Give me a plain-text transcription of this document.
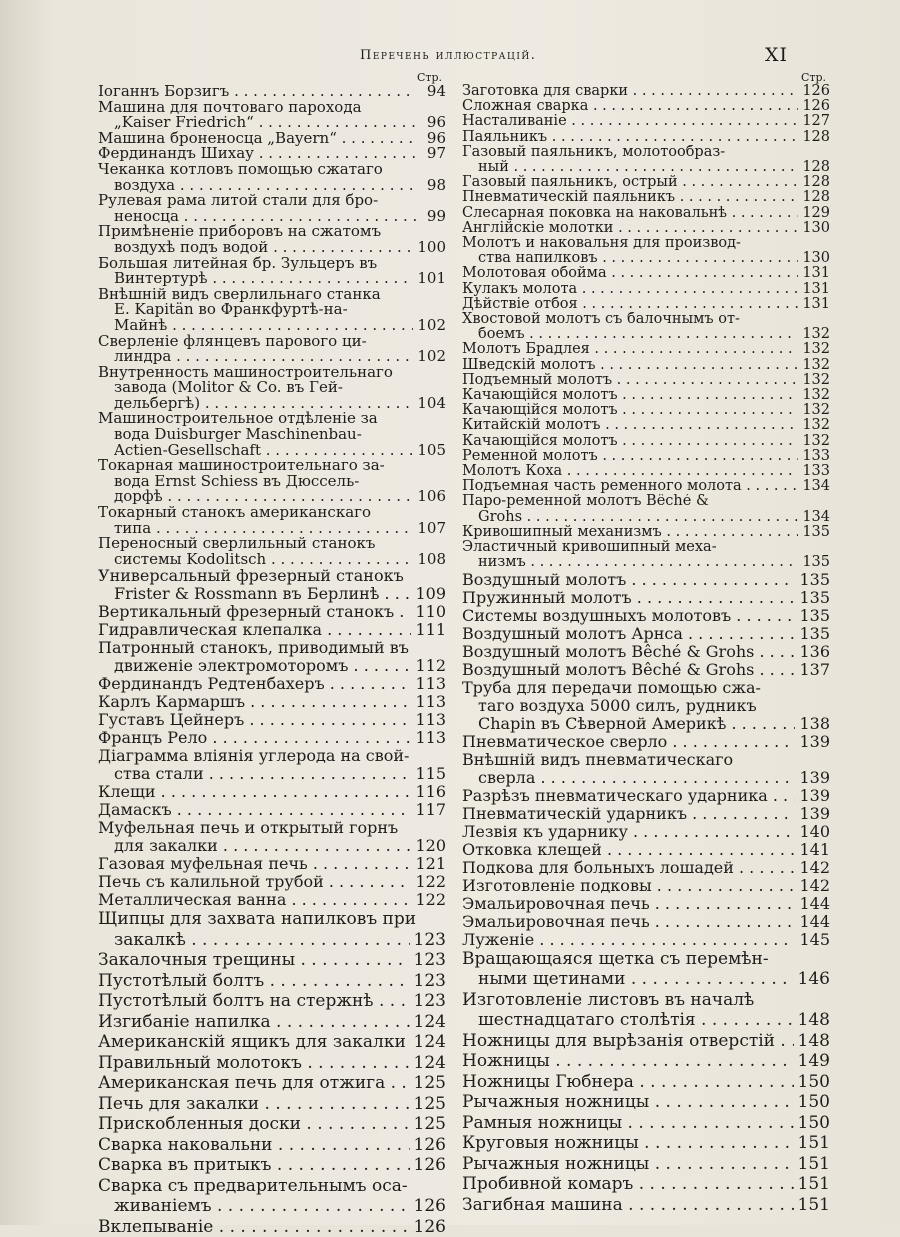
Перечень иллюстрацій.	XI
Стр.
Іоганнъ Борзигъ . . .	94
Машина для почтоваго парохода
„Kaiser Friedrich“ . . .	96
Машина броненосца „Bayern“ . . .	96
Фердинандъ Шихау . . .	97
Чеканка котловъ помощью сжатаго
воздуха . . .	98
Рулевая рама литой стали для бро-
неносца . . .	99
Примѣненіе приборовъ на сжатомъ
воздухѣ подъ водой . . .	100
Большая литейная бр. Зульцеръ въ
Винтертурѣ . . .	101
Внѣшній видъ сверлильнаго станка
E. Kapitän во Франкфуртѣ-на-
Майнѣ . . .	102
Сверленіе флянцевъ парового ци-
линдра . . .	102
Внутренность машиностроительнаго
завода (Molitor & Co. въ Гей-
дельбергѣ) . . .	104
Машиностроительное отдѣленіе за
вода Duisburger Maschinenbau-
Actien-Gesellschaft . . .	105
Токарная машиностроительнаго за-
вода Ernst Schiess въ Дюссель-
дорфѣ . . .	106
Токарный станокъ американскаго
типа . . .	107
Переносный сверлильный станокъ
системы Kodolitsch . . .	108
Универсальный фрезерный станокъ
Frister & Rossmann въ Берлинѣ . . .	109
Вертикальный фрезерный станокъ . . .	110
Гидравлическая клепалка . . .	111
Патронный станокъ, приводимый въ
движеніе электромоторомъ . . .	112
Фердинандъ Редтенбахеръ . . .	113
Карлъ Кармаршъ . . .	113
Густавъ Цейнеръ . . .	113
Францъ Рело . . .	113
Діаграмма вліянія углерода на свой-
ства стали . . .	115
Клещи . . .	116
Дамаскъ . . .	117
Муфельная печь и открытый горнъ
для закалки . . .	120
Газовая муфельная печь . . .	121
Печь съ калильной трубой . . .	122
Металлическая ванна . . .	122
Щипцы для захвата напилковъ при
закалкѣ . . .	123
Закалочныя трещины . . .	123
Пустотѣлый болтъ . . .	123
Пустотѣлый болтъ на стержнѣ . . .	123
Изгибаніе напилка . . .	124
Американскій ящикъ для закалки . . . 124
Правильный молотокъ . . .	124
Американская печь для отжига . . .	125
Печь для закалки . . .	125
Прискобленныя доски . . .	125
Сварка наковальни . . .	126
Сварка въ притыкъ . . .	126
Сварка съ предварительнымъ оса-
живаніемъ . . .	126
Вклепываніе . . .	126
Стр.
Заготовка для сварки . . .	126
Сложная сварка . . .	126
Насталиваніе . . .	127
Паяльникъ . . .	128
Газовый паяльникъ, молотообраз-
ный . . .	128
Газовый паяльникъ, острый . . .	128
Пневматическій паяльникъ . . .	128
Слесарная поковка на наковальнѣ . . .	129
Англійскіе молотки . . .	130
Молотъ и наковальня для производ-
ства напилковъ . . .	130
Молотовая обойма . . .	131
Кулакъ молота . . .	131
Дѣйствіе отбоя . . .	131
Хвостовой молотъ съ балочнымъ от-
боемъ . . .	132
Молотъ Брадлея . . .	132
Шведскій молотъ . . .	132
Подъемный молотъ . . .	132
Качающійся молотъ . . .	132
Качающійся молотъ . . .	132
Китайскій молотъ . . .	132
Качающійся молотъ . . .	132
Ременной молотъ . . .	133
Молотъ Коха . . .	133
Подъемная часть ременного молота . . .	134
Паро-ременной молотъ Bêché &
Grohs . . .	134
Кривошипный механизмъ . . .	135
Эластичный кривошипный меха-
низмъ . . .	135
Воздушный молотъ . . .	135
Пружинный молотъ . . .	135
Системы воздушныхъ молотовъ . . .	135
Воздушный молотъ Арнса . . .	135
Воздушный молотъ Bêché & Grohs . . .	136
Воздушный молотъ Bêché & Grohs . . .	137
Труба для передачи помощью сжа-
таго воздуха 5000 силъ, рудникъ
Chapin въ Сѣверной Америкѣ . . .	138
Пневматическое сверло . . .	139
Внѣшній видъ пневматическаго
сверла . . .	139
Разрѣзъ пневматическаго ударника . . .	139
Пневматическій ударникъ . . .	139
Лезвія къ ударнику . . .	140
Отковка клещей . . .	141
Подкова для больныхъ лошадей . . .	142
Изготовленіе подковы . . .	142
Эмальировочная печь . . .	144
Эмальировочная печь . . .	144
Луженіе . . .	145
Вращающаяся щетка съ перемѣн-
ными щетинами . . .	146
Изготовленіе листовъ въ началѣ
шестнадцатаго столѣтія . . .	148
Ножницы для вырѣзанія отверстій . . .	148
Ножницы . . .	149
Ножницы Гюбнера . . .	150
Рычажныя ножницы . . .	150
Рамныя ножницы . . .	150
Круговыя ножницы . . .	151
Рычажныя ножницы . . .	151
Пробивной комаръ . . .	151
Загибная машина . . .	151
